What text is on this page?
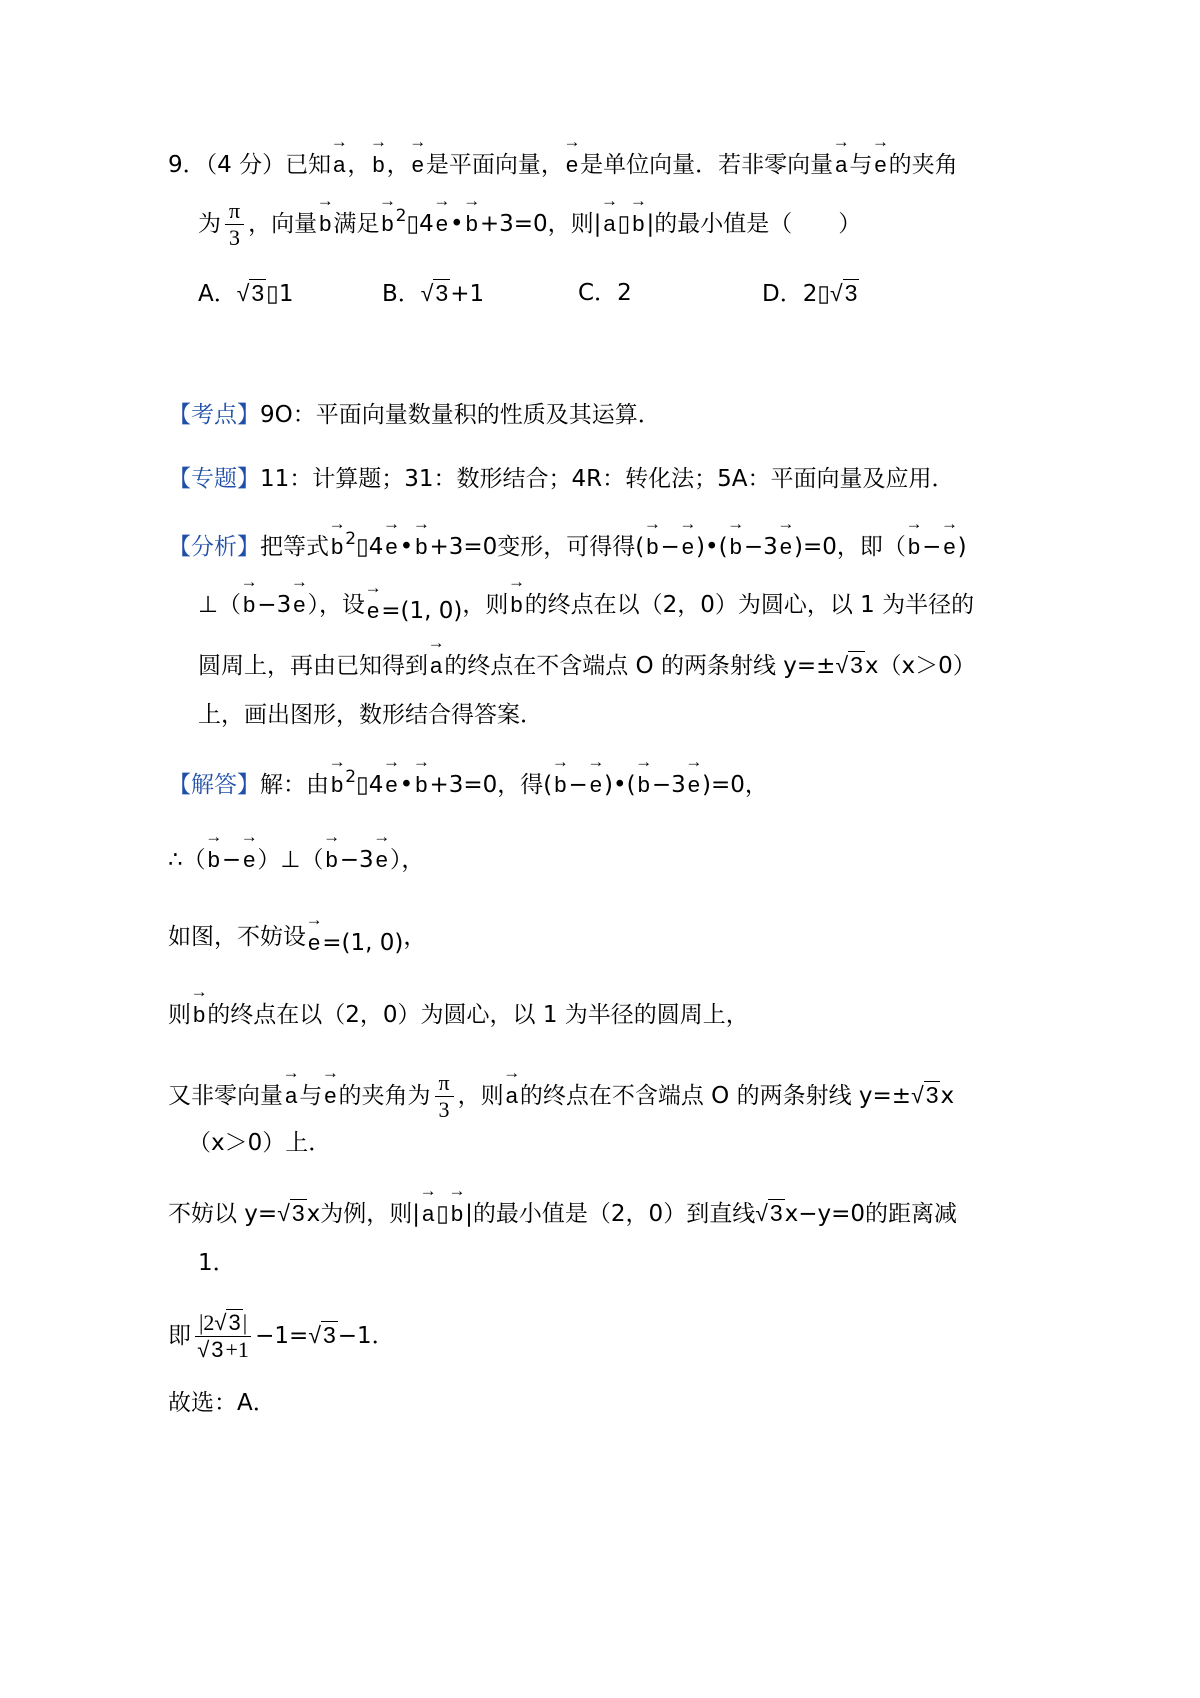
9．（4 分）已知→ a，→ b，→ e是平面向量，→ e是单位向量．若非零向量→ a与→ e的夹角
为 $\frac{\pi}{3}$ ，向量→ b满足→ b $^2$▯4→ e•→ b+3=0，则|→ a▯→ b|的最小值是（　　）
A．√3▯1	B．√3+1	C．2	D．2▯√3
【考点】9O：平面向量数量积的性质及其运算．
【专题】11：计算题；31：数形结合；4R：转化法；5A：平面向量及应用．
【分析】把等式→ b $^2$▯4→ e•→ b+3=0变形，可得得(→ b−→ e)•(→ b−3→ e)=0，即（→ b−→ e)
⊥（→ b−3→ e），设→ e=(1, 0)，则→ b的终点在以（2，0）为圆心，以 1 为半径的
圆周上，再由已知得到→ a的终点在不含端点 O 的两条射线 y=±√3x（x＞0）
上，画出图形，数形结合得答案．
【解答】解：由→ b $^2$▯4→ e•→ b+3=0，得(→ b−→ e)•(→ b−3→ e)=0，
∴（→ b−→ e）⊥（→ b−3→ e），
如图，不妨设→ e=(1, 0)，
则→ b的终点在以（2，0）为圆心，以 1 为半径的圆周上，
又非零向量→ a与→ e的夹角为 $\frac{\pi}{3}$ ，则→ a的终点在不含端点 O 的两条射线 y=±√3x
（x＞0）上．
不妨以 y=√3x为例，则|→ a▯→ b|的最小值是（2，0）到直线√3x−y=0的距离减
1．
即 $\frac{|2√3|}{√3+1} -1=√3-1$．
故选：A．
